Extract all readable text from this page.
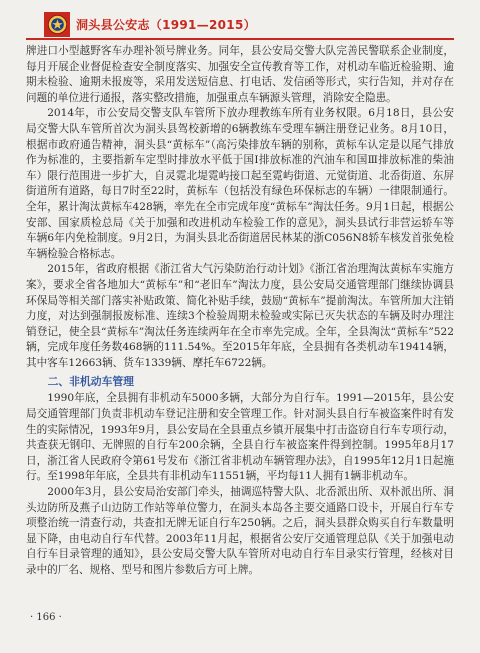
洞头县公安志（1991—2015）

牌进口小型越野客车办理补领号牌业务。同年，县公安局交警大队完善民警联系企业制度，每月开展企业督促检查安全制度落实、加强安全宣传教育等工作，对机动车临近检验期、逾期未检验、逾期未报废等，采用发送短信息、打电话、发信函等形式，实行告知，并对存在问题的单位进行通报，落实整改措施，加强重点车辆源头管理，消除安全隐患。

2014年，市公安局交警支队车管所下放办理教练车所有业务权限。6月18日，县公安局交警大队车管所首次为洞头县驾校新增的6辆教练车受理车辆注册登记业务。8月10日，根据市政府通告精神，洞头县“黄标车”（高污染排放车辆的别称，黄标车认定是以尾气排放作为标准的，主要指新车定型时排放水平低于国Ⅰ排放标准的汽油车和国Ⅲ排放标准的柴油车）限行范围进一步扩大，自灵霓北堤霓屿接口起至霓屿街道、元觉街道、北岙街道、东屏街道所有道路，每日7时至22时，黄标车（包括没有绿色环保标志的车辆）一律限制通行。全年，累计淘汰黄标车428辆，率先在全市完成年度“黄标车”淘汰任务。9月1日起，根据公安部、国家质检总局《关于加强和改进机动车检验工作的意见》，洞头县试行非营运轿车等车辆6年内免检制度。9月2日，为洞头县北岙街道居民林某的浙C056N8轿车核发首张免检车辆检验合格标志。

2015年，省政府根据《浙江省大气污染防治行动计划》《浙江省治理淘汰黄标车实施方案》，要求全省各地加大“黄标车”和“老旧车”淘汰力度，县公安局交通管理部门继续协调县环保局等相关部门落实补贴政策、简化补贴手续，鼓励“黄标车”提前淘汰。车管所加大注销力度，对达到强制报废标准、连续3个检验周期未检验或实际已灭失状态的车辆及时办理注销登记，使全县“黄标车”淘汰任务连续两年在全市率先完成。全年，全县淘汰“黄标车”522辆，完成年度任务数468辆的111.54%。至2015年年底，全县拥有各类机动车19414辆，其中客车12663辆、货车1339辆、摩托车6722辆。

二、非机动车管理

1990年底，全县拥有非机动车5000多辆，大部分为自行车。1991—2015年，县公安局交通管理部门负责非机动车登记注册和安全管理工作。针对洞头县自行车被盗案件时有发生的实际情况，1993年9月，县公安局在全县重点乡镇开展集中打击盗窃自行车专项行动，共查获无钢印、无牌照的自行车200余辆，全县自行车被盗案件得到控制。1995年8月17日，浙江省人民政府令第61号发布《浙江省非机动车辆管理办法》，自1995年12月1日起施行。至1998年年底，全县共有非机动车11551辆，平均每11人拥有1辆非机动车。

2000年3月，县公安局治安部门牵头，抽调巡特警大队、北岙派出所、双朴派出所、洞头边防所及燕子山边防工作站等单位警力，在洞头本岛各主要交通路口设卡，开展自行车专项整治统一清查行动，共查扣无牌无证自行车250辆。之后，洞头县群众购买自行车数量明显下降，由电动自行车代替。2003年11月起，根据省公安厅交通管理总队《关于加强电动自行车目录管理的通知》，县公安局交警大队车管所对电动自行车目录实行管理，经核对目录中的厂名、规格、型号和图片参数后方可上牌。

· 166 ·
